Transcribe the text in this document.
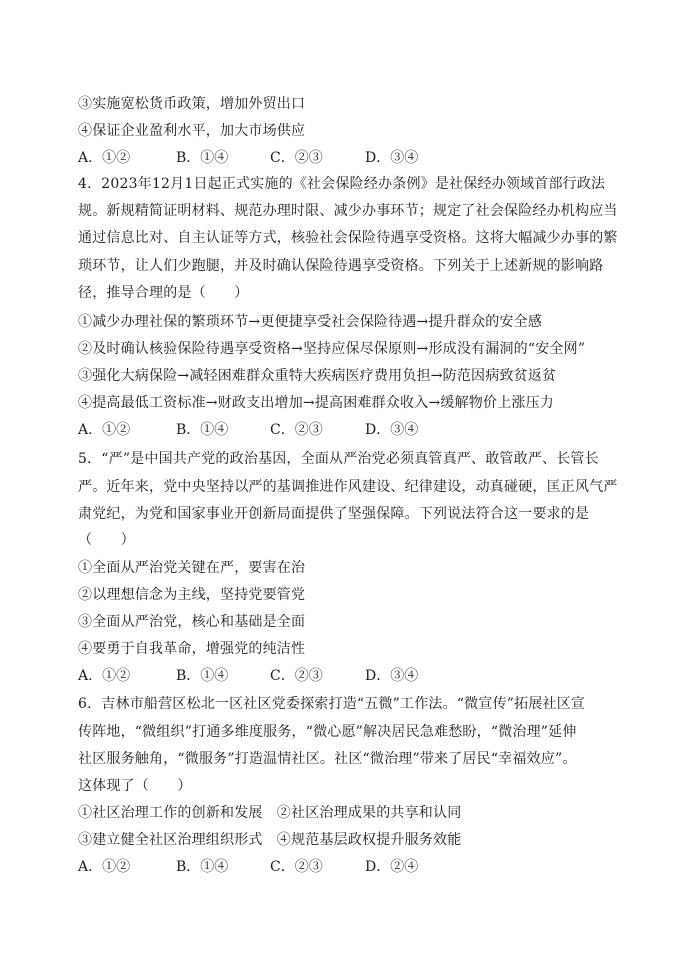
③实施宽松货币政策，增加外贸出口
④保证企业盈利水平，加大市场供应
A．①②	B．①④	C．②③	D．③④
4．2023年12月1日起正式实施的《社会保险经办条例》是社保经办领域首部行政法
规。新规精简证明材料、规范办理时限、减少办事环节；规定了社会保险经办机构应当
通过信息比对、自主认证等方式，核验社会保险待遇享受资格。这将大幅减少办事的繁
琐环节，让人们少跑腿，并及时确认保险待遇享受资格。下列关于上述新规的影响路
径，推导合理的是（　　）
①减少办理社保的繁琐环节→更便捷享受社会保险待遇→提升群众的安全感
②及时确认核验保险待遇享受资格→坚持应保尽保原则→形成没有漏洞的“安全网”
③强化大病保险→减轻困难群众重特大疾病医疗费用负担→防范因病致贫返贫
④提高最低工资标准→财政支出增加→提高困难群众收入→缓解物价上涨压力
A．①②	B．①④	C．②③	D．③④
5．“严”是中国共产党的政治基因，全面从严治党必须真管真严、敢管敢严、长管长
严。近年来，党中央坚持以严的基调推进作风建设、纪律建设，动真碰硬，匡正风气严
肃党纪，为党和国家事业开创新局面提供了坚强保障。下列说法符合这一要求的是
（　　）
①全面从严治党关键在严，要害在治
②以理想信念为主线，坚持党要管党
③全面从严治党，核心和基础是全面
④要勇于自我革命，增强党的纯洁性
A．①②	B．①④	C．②③	D．③④
6．吉林市船营区松北一区社区党委探索打造“五微”工作法。“微宣传”拓展社区宣
传阵地，“微组织”打通多维度服务，“微心愿”解决居民急难愁盼，“微治理”延伸
社区服务触角，“微服务”打造温情社区。社区“微治理”带来了居民“幸福效应”。
这体现了（　　）
①社区治理工作的创新和发展　②社区治理成果的共享和认同
③建立健全社区治理组织形式　④规范基层政权提升服务效能
A．①②	B．①④	C．②③	D．②④
